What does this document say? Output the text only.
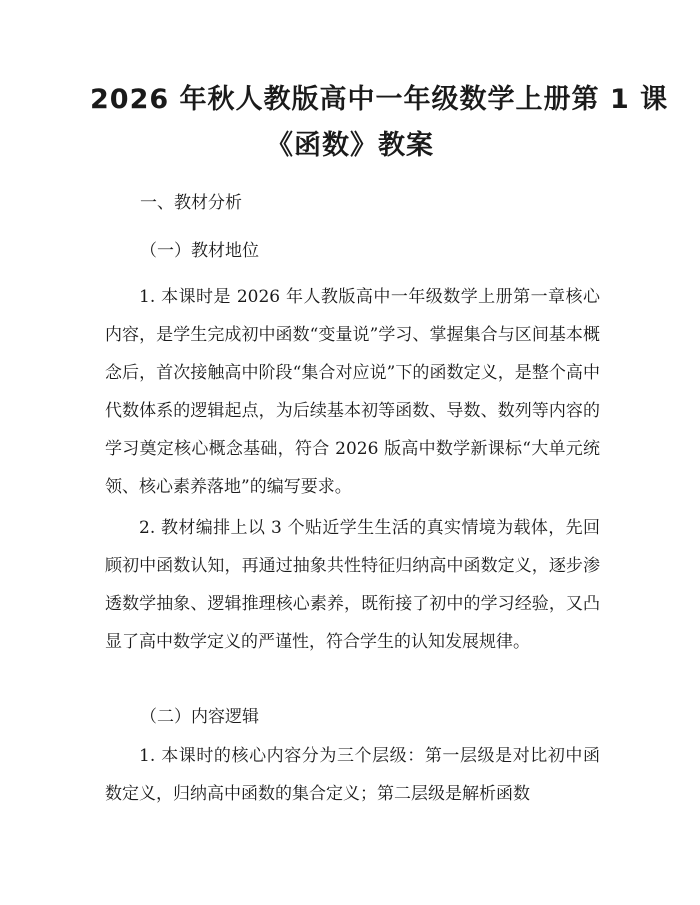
2026 年秋人教版高中一年级数学上册第 1 课
《函数》教案
一、教材分析
（一）教材地位

1. 本课时是 2026 年人教版高中一年级数学上册第一章核心内容，是学生完成初中函数“变量说”学习、掌握集合与区间基本概念后，首次接触高中阶段“集合对应说”下的函数定义，是整个高中代数体系的逻辑起点，为后续基本初等函数、导数、数列等内容的学习奠定核心概念基础，符合 2026 版高中数学新课标“大单元统领、核心素养落地”的编写要求。

2. 教材编排上以 3 个贴近学生生活的真实情境为载体，先回顾初中函数认知，再通过抽象共性特征归纳高中函数定义，逐步渗透数学抽象、逻辑推理核心素养，既衔接了初中的学习经验，又凸显了高中数学定义的严谨性，符合学生的认知发展规律。

（二）内容逻辑

1. 本课时的核心内容分为三个层级：第一层级是对比初中函数定义，归纳高中函数的集合定义；第二层级是解析函数
